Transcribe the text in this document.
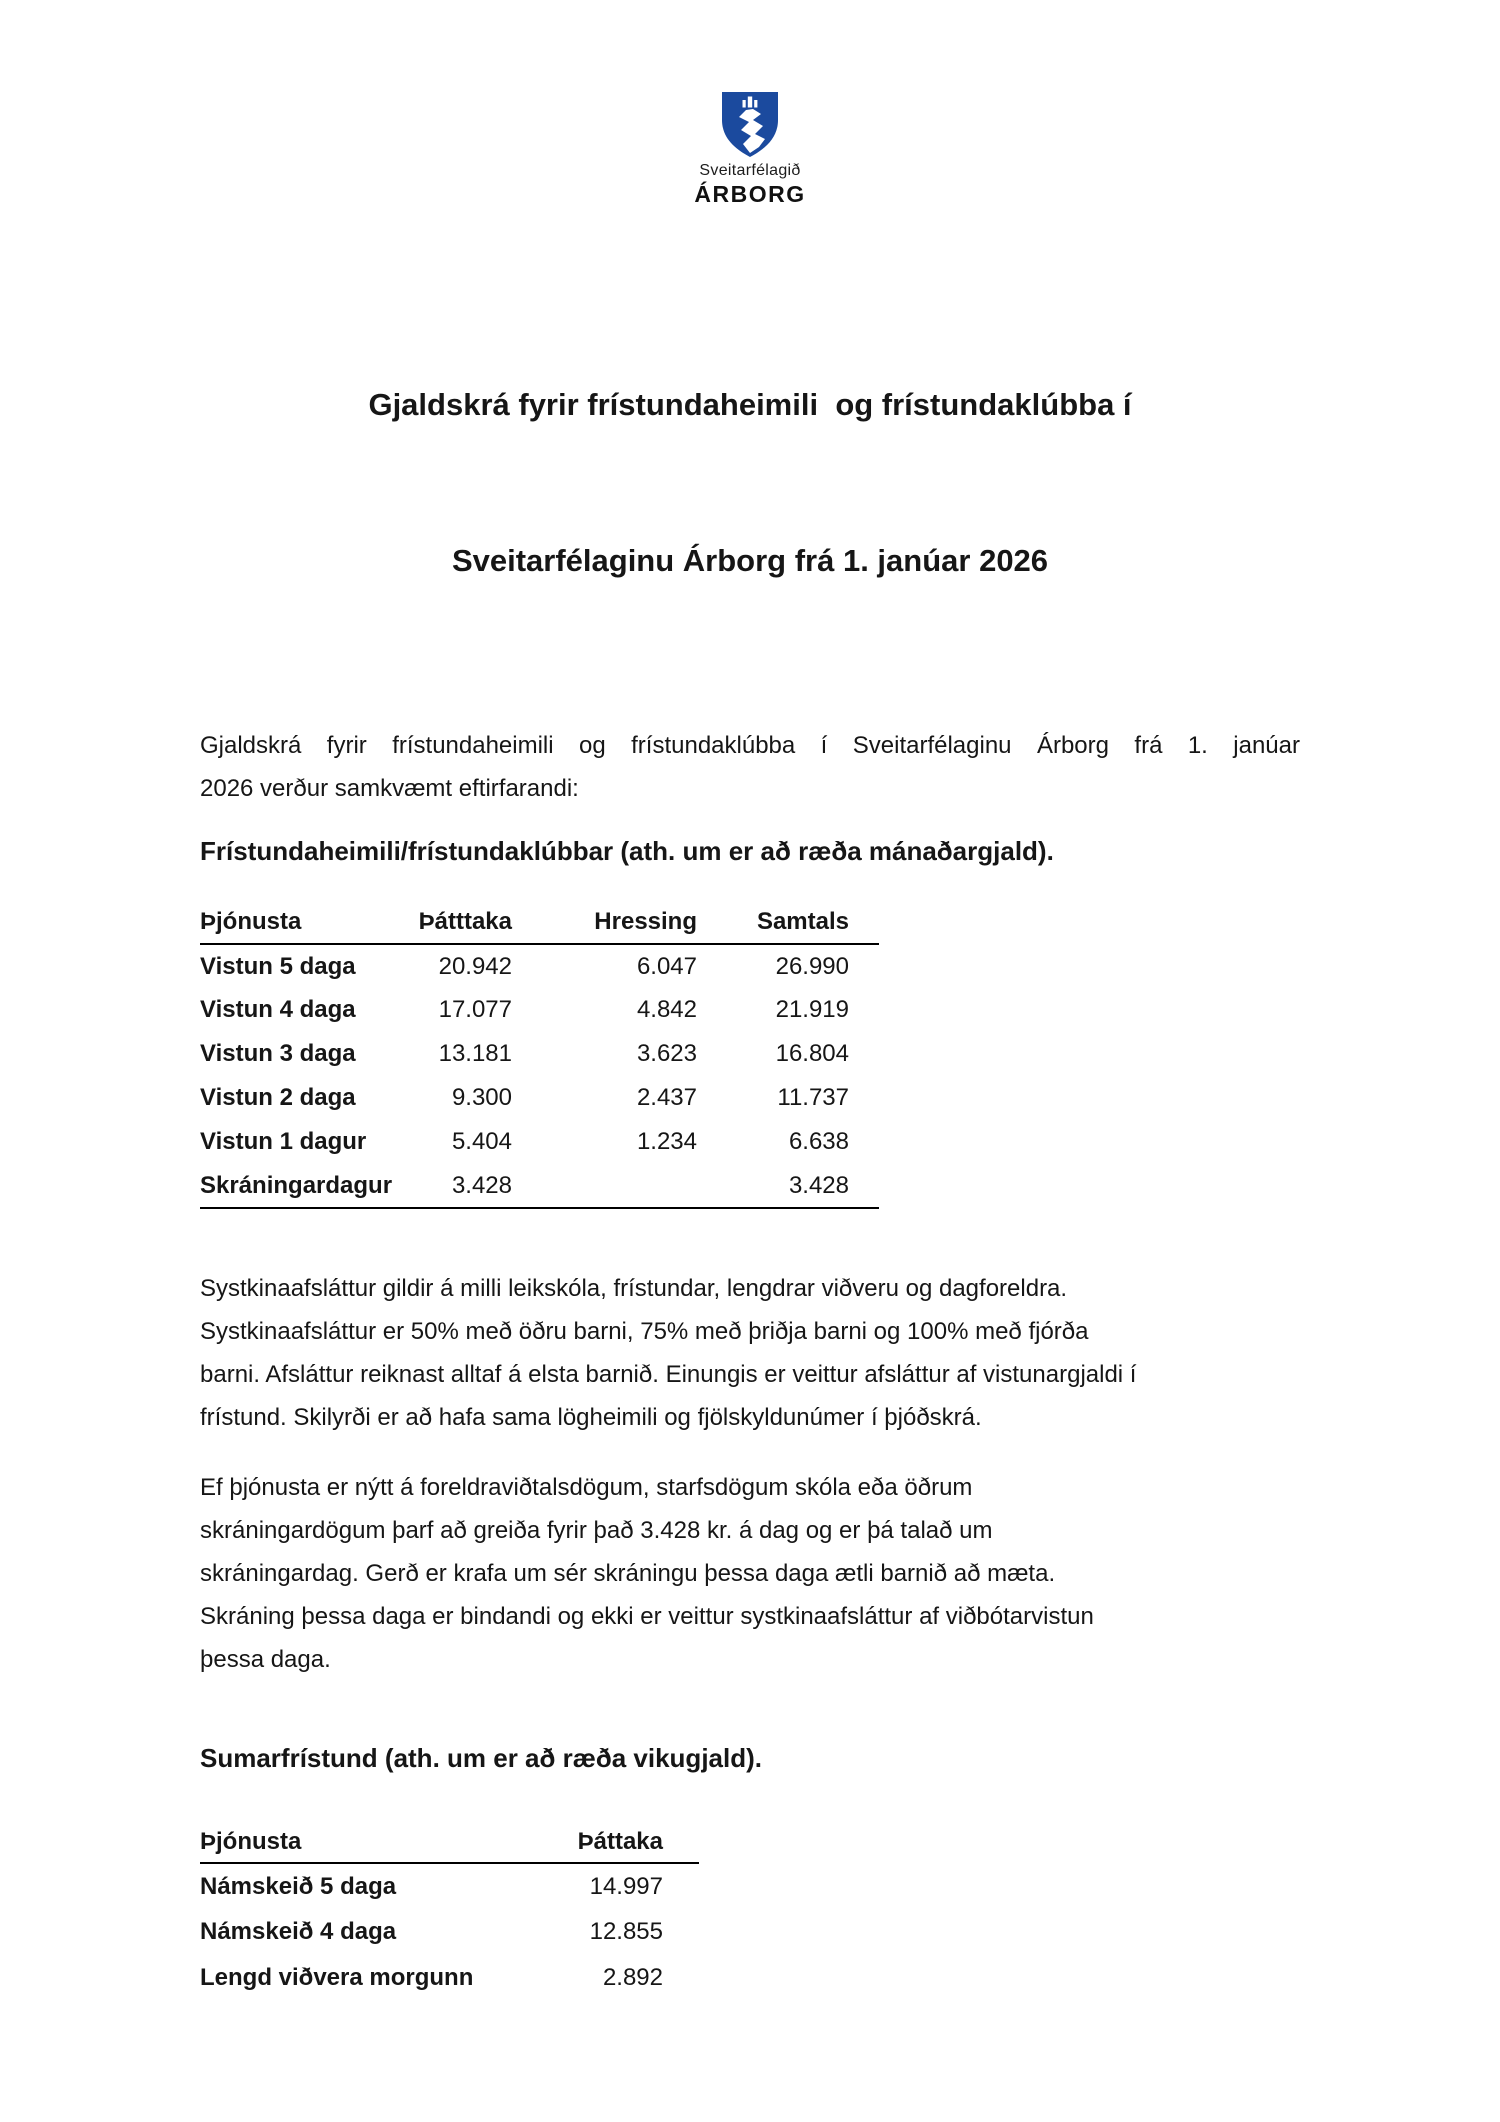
Sveitarfélagið
ÁRBORG

Gjaldskrá fyrir frístundaheimili  og frístundaklúbba í

Sveitarfélaginu Árborg frá 1. janúar 2026

Gjaldskrá fyrir frístundaheimili og frístundaklúbba í Sveitarfélaginu Árborg frá 1. janúar
2026 verður samkvæmt eftirfarandi:
Frístundaheimili/frístundaklúbbar (ath. um er að ræða mánaðargjald).
Þjónusta	Þátttaka	Hressing	Samtals
Vistun 5 daga	20.942	6.047	26.990
Vistun 4 daga	17.077	4.842	21.919
Vistun 3 daga	13.181	3.623	16.804
Vistun 2 daga	9.300	2.437	11.737
Vistun 1 dagur	5.404	1.234	6.638
Skráningardagur	3.428		3.428
Systkinaafsláttur gildir á milli leikskóla, frístundar, lengdrar viðveru og dagforeldra.
Systkinaafsláttur er 50% með öðru barni, 75% með þriðja barni og 100% með fjórða
barni. Afsláttur reiknast alltaf á elsta barnið. Einungis er veittur afsláttur af vistunargjaldi í
frístund. Skilyrði er að hafa sama lögheimili og fjölskyldunúmer í þjóðskrá.
Ef þjónusta er nýtt á foreldraviðtalsdögum, starfsdögum skóla eða öðrum
skráningardögum þarf að greiða fyrir það 3.428 kr. á dag og er þá talað um
skráningardag. Gerð er krafa um sér skráningu þessa daga ætli barnið að mæta.
Skráning þessa daga er bindandi og ekki er veittur systkinaafsláttur af viðbótarvistun
þessa daga.
Sumarfrístund (ath. um er að ræða vikugjald).
Þjónusta	Þáttaka
Námskeið 5 daga	14.997
Námskeið 4 daga	12.855
Lengd viðvera morgunn	2.892
